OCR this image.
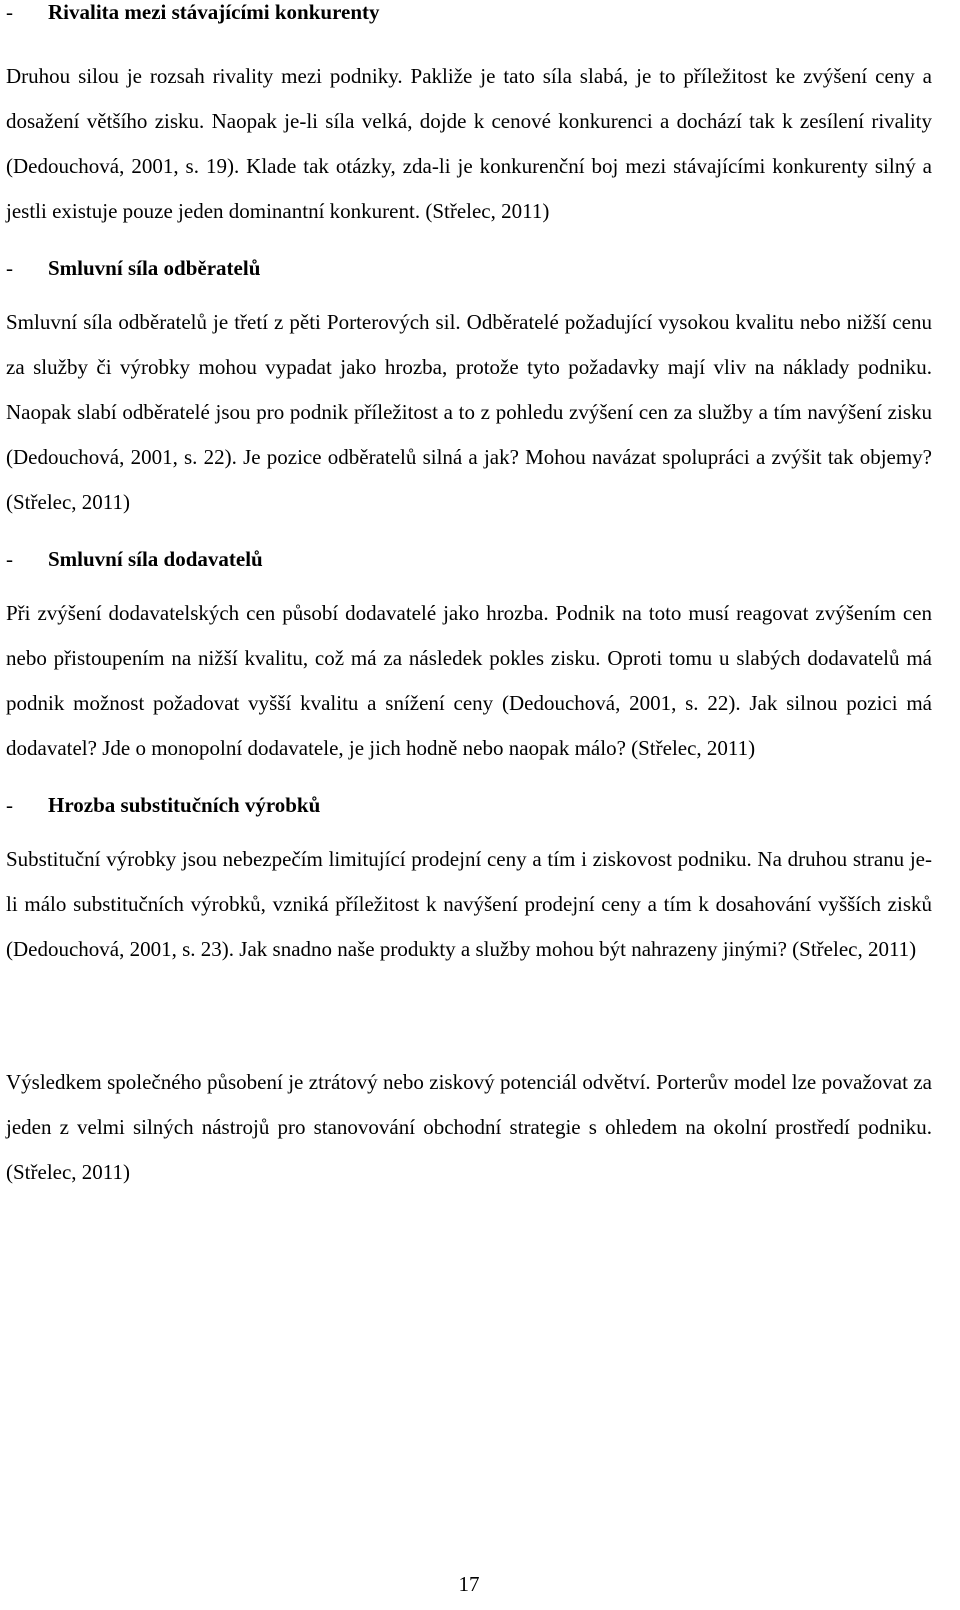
- Rivalita mezi stávajícími konkurenty

Druhou silou je rozsah rivality mezi podniky. Pakliže je tato síla slabá, je to příležitost ke zvýšení ceny a dosažení většího zisku. Naopak je-li síla velká, dojde k cenové konkurenci a dochází tak k zesílení rivality (Dedouchová, 2001, s. 19). Klade tak otázky, zda-li je konkurenční boj mezi stávajícími konkurenty silný a jestli existuje pouze jeden dominantní konkurent. (Střelec, 2011)

- Smluvní síla odběratelů

Smluvní síla odběratelů je třetí z pěti Porterových sil. Odběratelé požadující vysokou kvalitu nebo nižší cenu za služby či výrobky mohou vypadat jako hrozba, protože tyto požadavky mají vliv na náklady podniku. Naopak slabí odběratelé jsou pro podnik příležitost a to z pohledu zvýšení cen za služby a tím navýšení zisku (Dedouchová, 2001, s. 22). Je pozice odběratelů silná a jak? Mohou navázat spolupráci a zvýšit tak objemy? (Střelec, 2011)

- Smluvní síla dodavatelů

Při zvýšení dodavatelských cen působí dodavatelé jako hrozba. Podnik na toto musí reagovat zvýšením cen nebo přistoupením na nižší kvalitu, což má za následek pokles zisku. Oproti tomu u slabých dodavatelů má podnik možnost požadovat vyšší kvalitu a snížení ceny (Dedouchová, 2001, s. 22). Jak silnou pozici má dodavatel? Jde o monopolní dodavatele, je jich hodně nebo naopak málo? (Střelec, 2011)

- Hrozba substitučních výrobků

Substituční výrobky jsou nebezpečím limitující prodejní ceny a tím i ziskovost podniku. Na druhou stranu je-li málo substitučních výrobků, vzniká příležitost k navýšení prodejní ceny a tím k dosahování vyšších zisků (Dedouchová, 2001, s. 23). Jak snadno naše produkty a služby mohou být nahrazeny jinými? (Střelec, 2011)

Výsledkem společného působení je ztrátový nebo ziskový potenciál odvětví. Porterův model lze považovat za jeden z velmi silných nástrojů pro stanovování obchodní strategie s ohledem na okolní prostředí podniku. (Střelec, 2011)

17
